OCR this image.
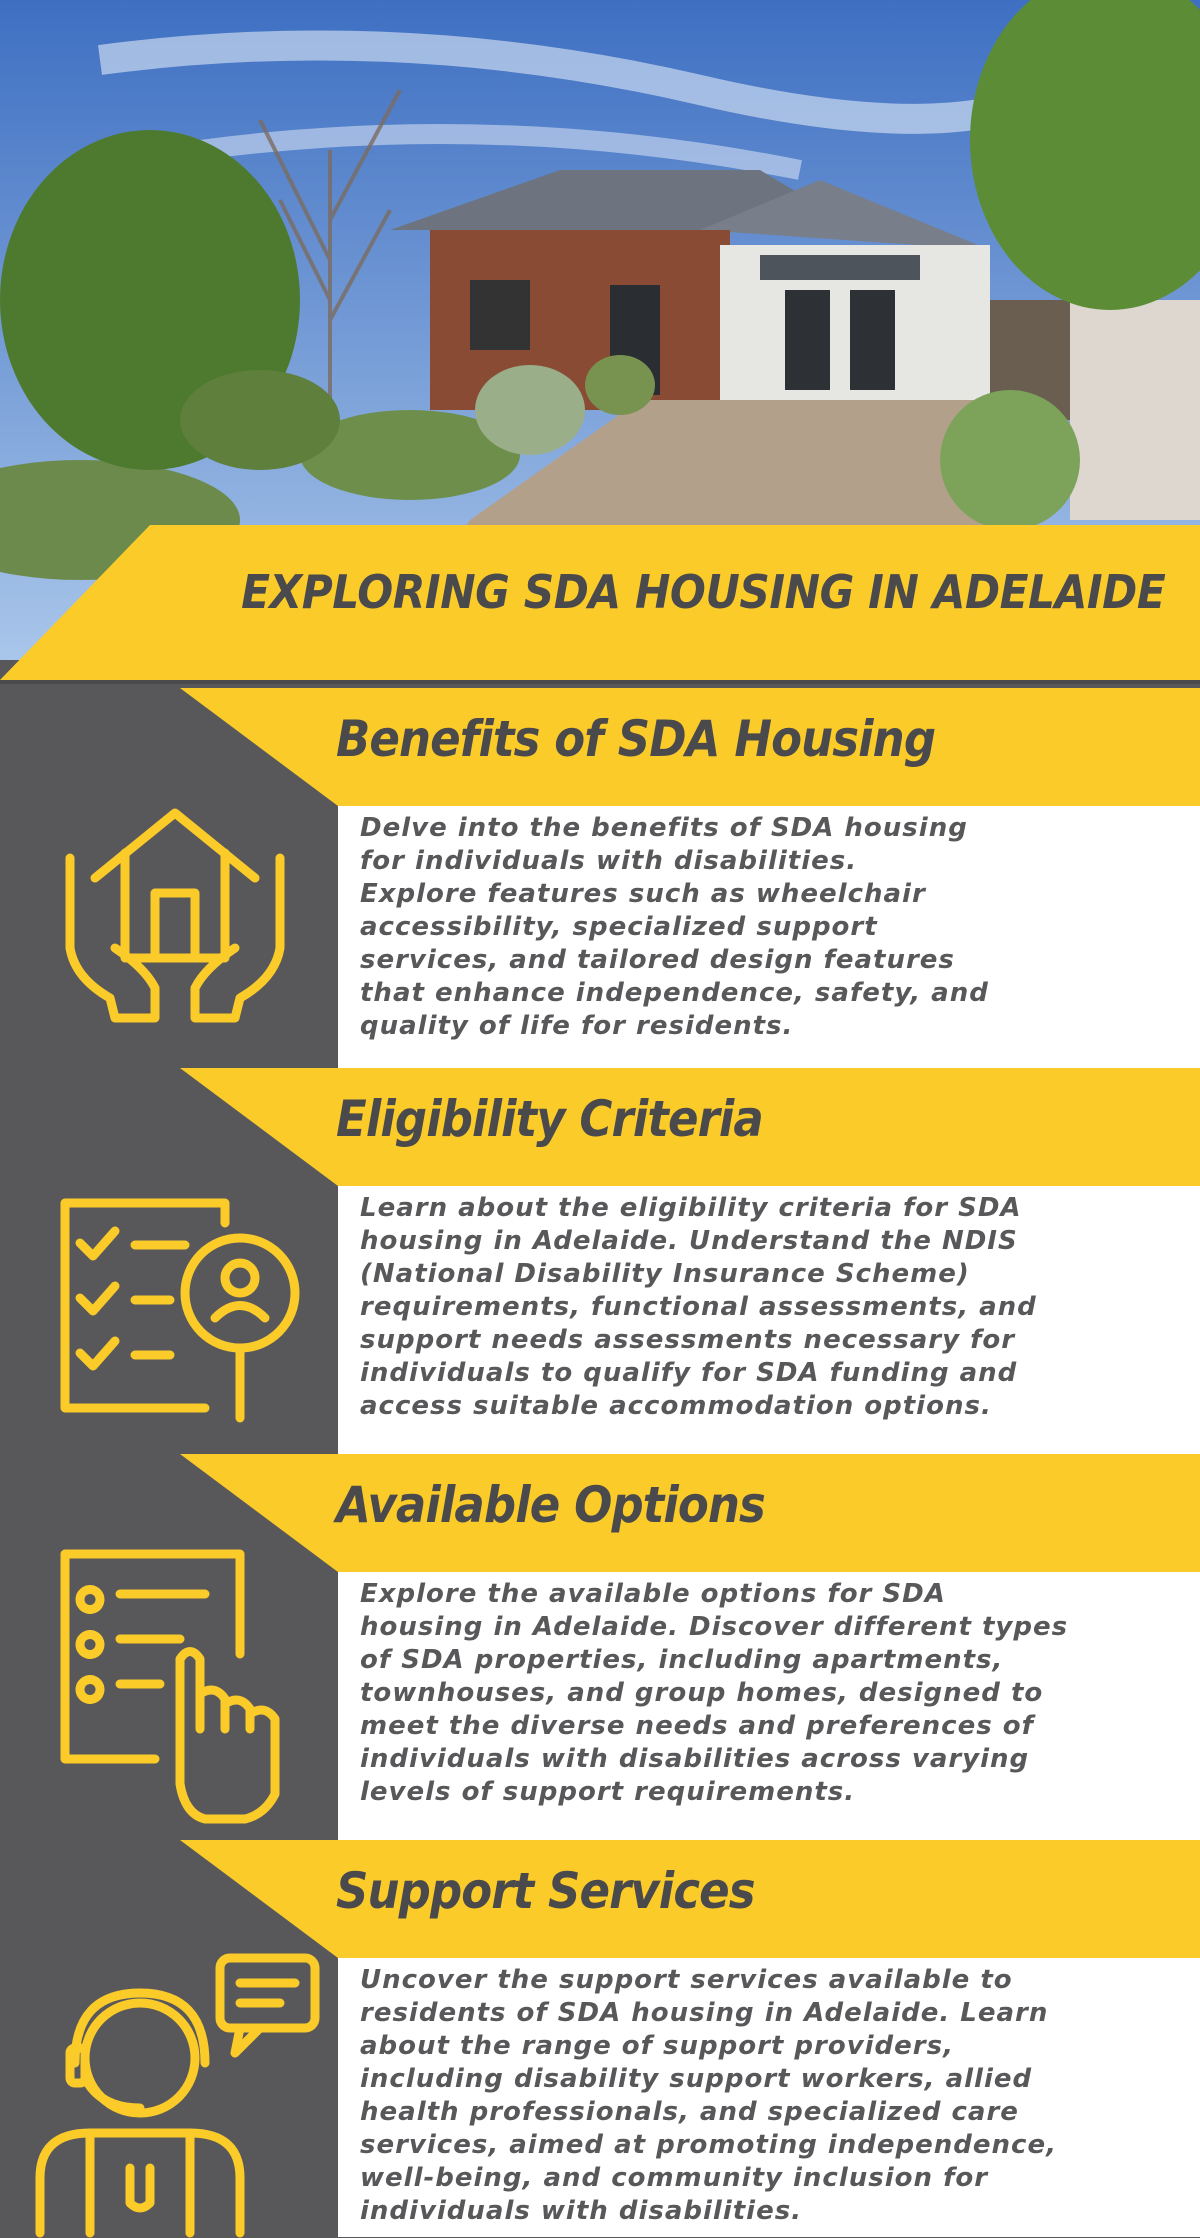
EXPLORING SDA HOUSING IN ADELAIDE
Benefits of SDA Housing
Delve into the benefits of SDA housing
for individuals with disabilities.
Explore features such as wheelchair
accessibility, specialized support
services, and tailored design features
that enhance independence, safety, and
quality of life for residents.
Eligibility Criteria
Learn about the eligibility criteria for SDA
housing in Adelaide. Understand the NDIS
(National Disability Insurance Scheme)
requirements, functional assessments, and
support needs assessments necessary for
individuals to qualify for SDA funding and
access suitable accommodation options.
Available Options
Explore the available options for SDA
housing in Adelaide. Discover different types
of SDA properties, including apartments,
townhouses, and group homes, designed to
meet the diverse needs and preferences of
individuals with disabilities across varying
levels of support requirements.
Support Services
Uncover the support services available to
residents of SDA housing in Adelaide. Learn
about the range of support providers,
including disability support workers, allied
health professionals, and specialized care
services, aimed at promoting independence,
well-being, and community inclusion for
individuals with disabilities.
